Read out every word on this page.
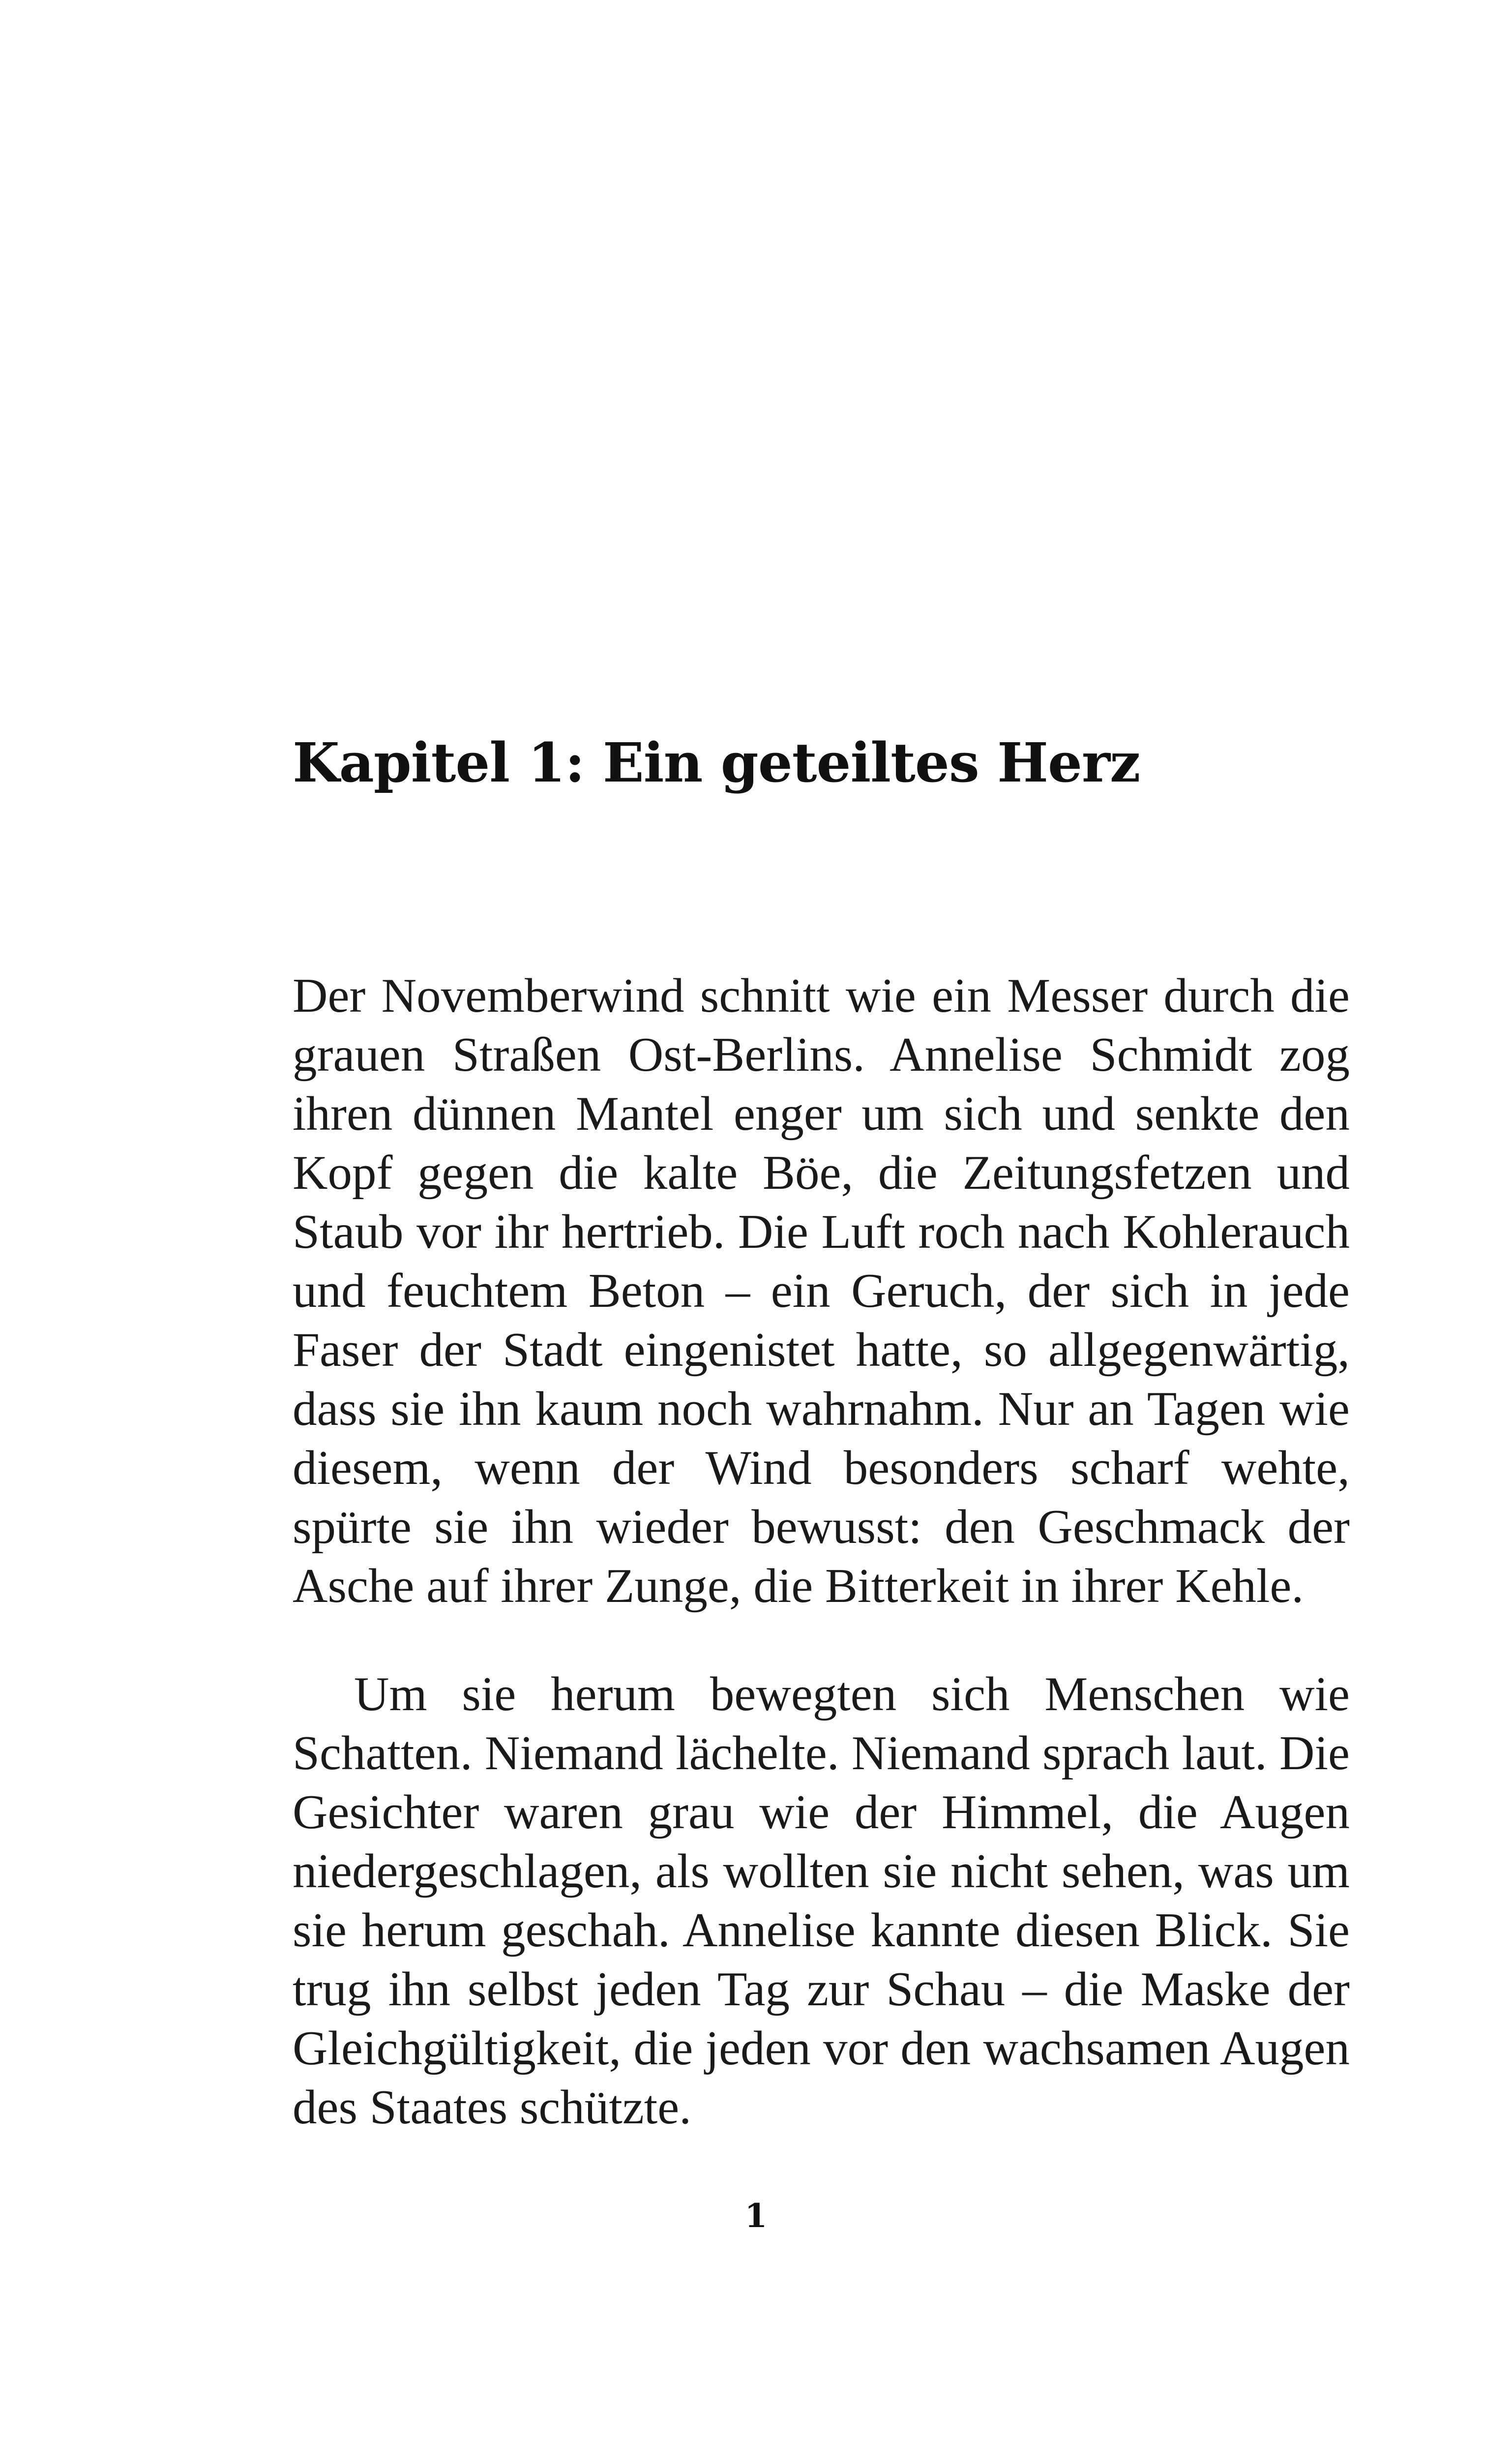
Kapitel 1: Ein geteiltes Herz

Der Novemberwind schnitt wie ein Messer durch die grauen Straßen Ost-Berlins. Annelise Schmidt zog ihren dünnen Mantel enger um sich und senkte den Kopf gegen die kalte Böe, die Zeitungsfetzen und Staub vor ihr hertrieb. Die Luft roch nach Kohlerauch und feuchtem Beton – ein Geruch, der sich in jede Faser der Stadt eingenistet hatte, so allgegenwärtig, dass sie ihn kaum noch wahrnahm. Nur an Tagen wie diesem, wenn der Wind besonders scharf wehte, spürte sie ihn wieder bewusst: den Geschmack der Asche auf ihrer Zunge, die Bitterkeit in ihrer Kehle.

Um sie herum bewegten sich Menschen wie Schatten. Niemand lächelte. Niemand sprach laut. Die Gesichter waren grau wie der Himmel, die Augen niedergeschlagen, als wollten sie nicht sehen, was um sie herum geschah. Annelise kannte diesen Blick. Sie trug ihn selbst jeden Tag zur Schau – die Maske der Gleichgültigkeit, die jeden vor den wachsamen Augen des Staates schützte.

1
